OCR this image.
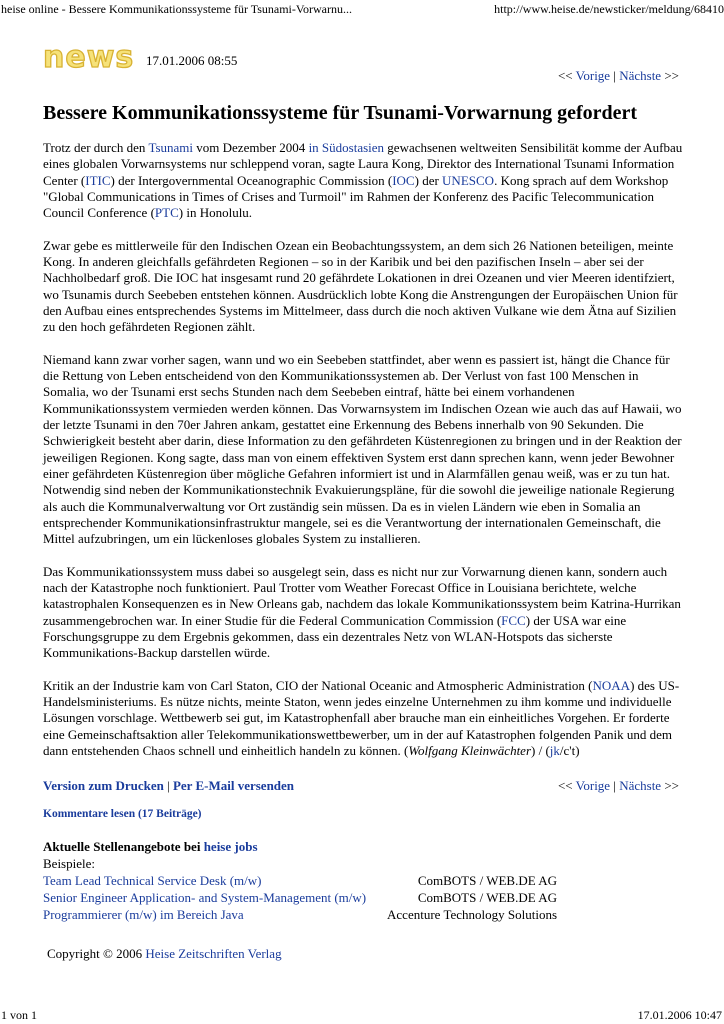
heise online - Bessere Kommunikationssysteme für Tsunami-Vorwarnu...	http://www.heise.de/newsticker/meldung/68410
news 17.01.2006 08:55
<< Vorige | Nächste >>
Bessere Kommunikationssysteme für Tsunami-Vorwarnung gefordert

Trotz der durch den Tsunami vom Dezember 2004 in Südostasien gewachsenen weltweiten Sensibilität komme der Aufbau eines globalen Vorwarnsystems nur schleppend voran, sagte Laura Kong, Direktor des International Tsunami Information Center (ITIC) der Intergovernmental Oceanographic Commission (IOC) der UNESCO. Kong sprach auf dem Workshop "Global Communications in Times of Crises and Turmoil" im Rahmen der Konferenz des Pacific Telecommunication Council Conference (PTC) in Honolulu.

Zwar gebe es mittlerweile für den Indischen Ozean ein Beobachtungssystem, an dem sich 26 Nationen beteiligen, meinte Kong. In anderen gleichfalls gefährdeten Regionen – so in der Karibik und bei den pazifischen Inseln – aber sei der Nachholbedarf groß. Die IOC hat insgesamt rund 20 gefährdete Lokationen in drei Ozeanen und vier Meeren identifziert, wo Tsunamis durch Seebeben entstehen können. Ausdrücklich lobte Kong die Anstrengungen der Europäischen Union für den Aufbau eines entsprechendes Systems im Mittelmeer, dass durch die noch aktiven Vulkane wie dem Ätna auf Sizilien zu den hoch gefährdeten Regionen zählt.

Niemand kann zwar vorher sagen, wann und wo ein Seebeben stattfindet, aber wenn es passiert ist, hängt die Chance für die Rettung von Leben entscheidend von den Kommunikationssystemen ab. Der Verlust von fast 100 Menschen in Somalia, wo der Tsunami erst sechs Stunden nach dem Seebeben eintraf, hätte bei einem vorhandenen Kommunikationssystem vermieden werden können. Das Vorwarnsystem im Indischen Ozean wie auch das auf Hawaii, wo der letzte Tsunami in den 70er Jahren ankam, gestattet eine Erkennung des Bebens innerhalb von 90 Sekunden. Die Schwierigkeit besteht aber darin, diese Information zu den gefährdeten Küstenregionen zu bringen und in der Reaktion der jeweiligen Regionen. Kong sagte, dass man von einem effektiven System erst dann sprechen kann, wenn jeder Bewohner einer gefährdeten Küstenregion über mögliche Gefahren informiert ist und in Alarmfällen genau weiß, was er zu tun hat. Notwendig sind neben der Kommunikationstechnik Evakuierungspläne, für die sowohl die jeweilige nationale Regierung als auch die Kommunalverwaltung vor Ort zuständig sein müssen. Da es in vielen Ländern wie eben in Somalia an entsprechender Kommunikationsinfrastruktur mangele, sei es die Verantwortung der internationalen Gemeinschaft, die Mittel aufzubringen, um ein lückenloses globales System zu installieren.

Das Kommunikationssystem muss dabei so ausgelegt sein, dass es nicht nur zur Vorwarnung dienen kann, sondern auch nach der Katastrophe noch funktioniert. Paul Trotter vom Weather Forecast Office in Louisiana berichtete, welche katastrophalen Konsequenzen es in New Orleans gab, nachdem das lokale Kommunikationssystem beim Katrina-Hurrikan zusammengebrochen war. In einer Studie für die Federal Communication Commission (FCC) der USA war eine Forschungsgruppe zu dem Ergebnis gekommen, dass ein dezentrales Netz von WLAN-Hotspots das sicherste Kommunikations-Backup darstellen würde.

Kritik an der Industrie kam von Carl Staton, CIO der National Oceanic and Atmospheric Administration (NOAA) des US-Handelsministeriums. Es nütze nichts, meinte Staton, wenn jedes einzelne Unternehmen zu ihm komme und individuelle Lösungen vorschlage. Wettbewerb sei gut, im Katastrophenfall aber brauche man ein einheitliches Vorgehen. Er forderte eine Gemeinschaftsaktion aller Telekommunikationswettbewerber, um in der auf Katastrophen folgenden Panik und dem dann entstehenden Chaos schnell und einheitlich handeln zu können. (Wolfgang Kleinwächter) / (jk/c't)

Version zum Drucken | Per E-Mail versenden	<< Vorige | Nächste >>
Kommentare lesen (17 Beiträge)
Aktuelle Stellenangebote bei heise jobs
Beispiele:
Team Lead Technical Service Desk (m/w)	ComBOTS / WEB.DE AG
Senior Engineer Application- and System-Management (m/w)	ComBOTS / WEB.DE AG
Programmierer (m/w) im Bereich Java	Accenture Technology Solutions
Copyright © 2006 Heise Zeitschriften Verlag
1 von 1	17.01.2006 10:47
